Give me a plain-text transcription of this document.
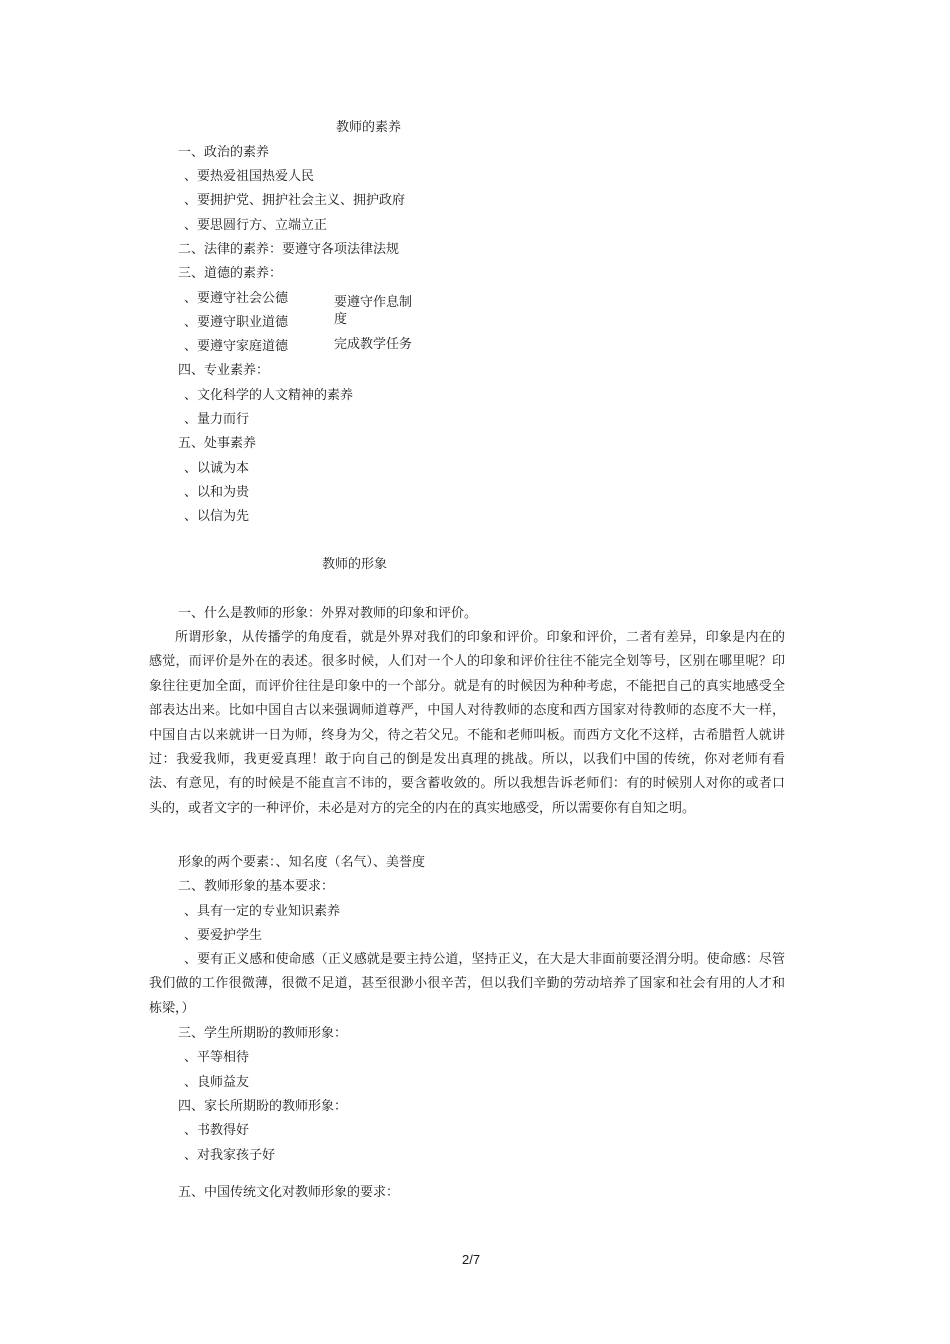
教师的素养
一、政治的素养
、要热爱祖国热爱人民
、要拥护党、拥护社会主义、拥护政府
、要思圆行方、立端立正
二、法律的素养：要遵守各项法律法规
三、道德的素养：
、要遵守社会公德
、要遵守职业道德
、要遵守家庭道德
要遵守作息制
度
完成教学任务
四、专业素养：
、文化科学的人文精神的素养
、量力而行
五、处事素养
、以诚为本
、以和为贵
、以信为先
教师的形象
一、什么是教师的形象：外界对教师的印象和评价。
所谓形象，从传播学的角度看，就是外界对我们的印象和评价。印象和评价，二者有差异，印象是内在的感觉，而评价是外在的表述。很多时候，人们对一个人的印象和评价往往不能完全划等号，区别在哪里呢？印象往往更加全面，而评价往往是印象中的一个部分。就是有的时候因为种种考虑，不能把自己的真实地感受全部表达出来。比如中国自古以来强调师道尊严，中国人对待教师的态度和西方国家对待教师的态度不大一样，中国自古以来就讲一日为师，终身为父，待之若父兄。不能和老师叫板。而西方文化不这样，古希腊哲人就讲过：我爱我师，我更爱真理！敢于向自己的倒是发出真理的挑战。所以，以我们中国的传统，你对老师有看法、有意见，有的时候是不能直言不讳的，要含蓄收敛的。所以我想告诉老师们：有的时候别人对你的或者口头的，或者文字的一种评价，未必是对方的完全的内在的真实地感受，所以需要你有自知之明。
形象的两个要素：、知名度（名气）、美誉度
二、教师形象的基本要求：
、具有一定的专业知识素养
、要爱护学生
、要有正义感和使命感（正义感就是要主持公道，坚持正义，在大是大非面前要泾渭分明。使命感：尽管我们做的工作很微薄，很微不足道，甚至很渺小很辛苦，但以我们辛勤的劳动培养了国家和社会有用的人才和栋梁，）
三、学生所期盼的教师形象：
、平等相待
、良师益友
四、家长所期盼的教师形象：
、书教得好
、对我家孩子好
五、中国传统文化对教师形象的要求：
2/7
